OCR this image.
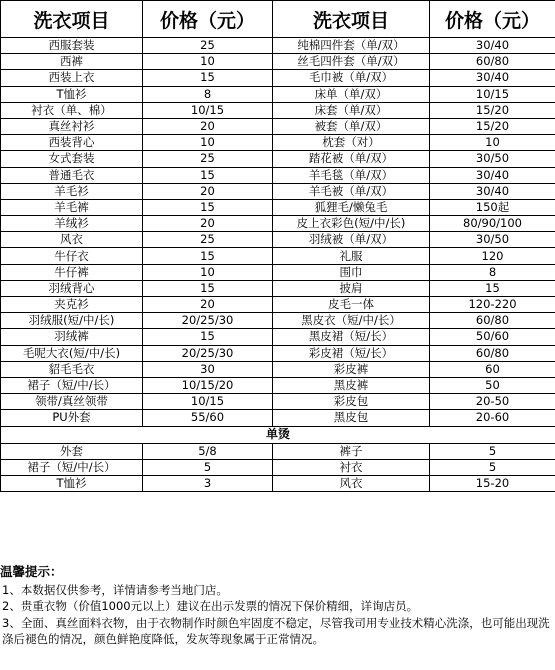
洗衣项目	价格（元）	洗衣项目	价格（元）
西服套装	25	纯棉四件套（单/双）	30/40
西裤	10	丝毛四件套（单/双）	60/80
西装上衣	15	毛巾被（单/双）	30/40
T恤衫	8	床单（单/双）	10/15
衬衣（单、棉）	10/15	床套（单/双）	15/20
真丝衬衫	20	被套（单/双）	15/20
西装背心	10	枕套（对）	10
女式套装	25	踏花被（单/双）	30/50
普通毛衣	15	羊毛毯（单/双）	30/40
羊毛衫	20	羊毛被（单/双）	30/40
羊毛裤	15	狐狸毛/懒兔毛	150起
羊绒衫	20	皮上衣彩色(短/中/长)	80/90/100
风衣	25	羽绒被（单/双）	30/50
牛仔衣	15	礼服	120
牛仔裤	10	围巾	8
羽绒背心	15	披肩	15
夹克衫	20	皮毛一体	120-220
羽绒服(短/中/长)	20/25/30	黑皮衣（短/中/长）	60/80
羽绒裤	15	黑皮裙（短/长）	50/60
毛呢大衣(短/中/长)	20/25/30	彩皮裙（短/长）	60/80
貂毛毛衣	30	彩皮裤	60
裙子（短/中/长）	10/15/20	黑皮裤	50
领带/真丝领带	10/15	彩皮包	20-50
PU外套	55/60	黑皮包	20-60
单烫			
外套	5/8	裤子	5
裙子（短/中/长）	5	衬衣	5
T恤衫	3	风衣	15-20
温馨提示：
1、本数据仅供参考，详情请参考当地门店。
2、贵重衣物（价值1000元以上）建议在出示发票的情况下保价精细，详询店员。
3、全面、真丝面料衣物，由于衣物制作时颜色牢固度不稳定，尽管我司用专业技术精心洗涤，也可能出现洗涤后褪色的情况，颜色鲜艳度降低，发灰等现象属于正常情况。
